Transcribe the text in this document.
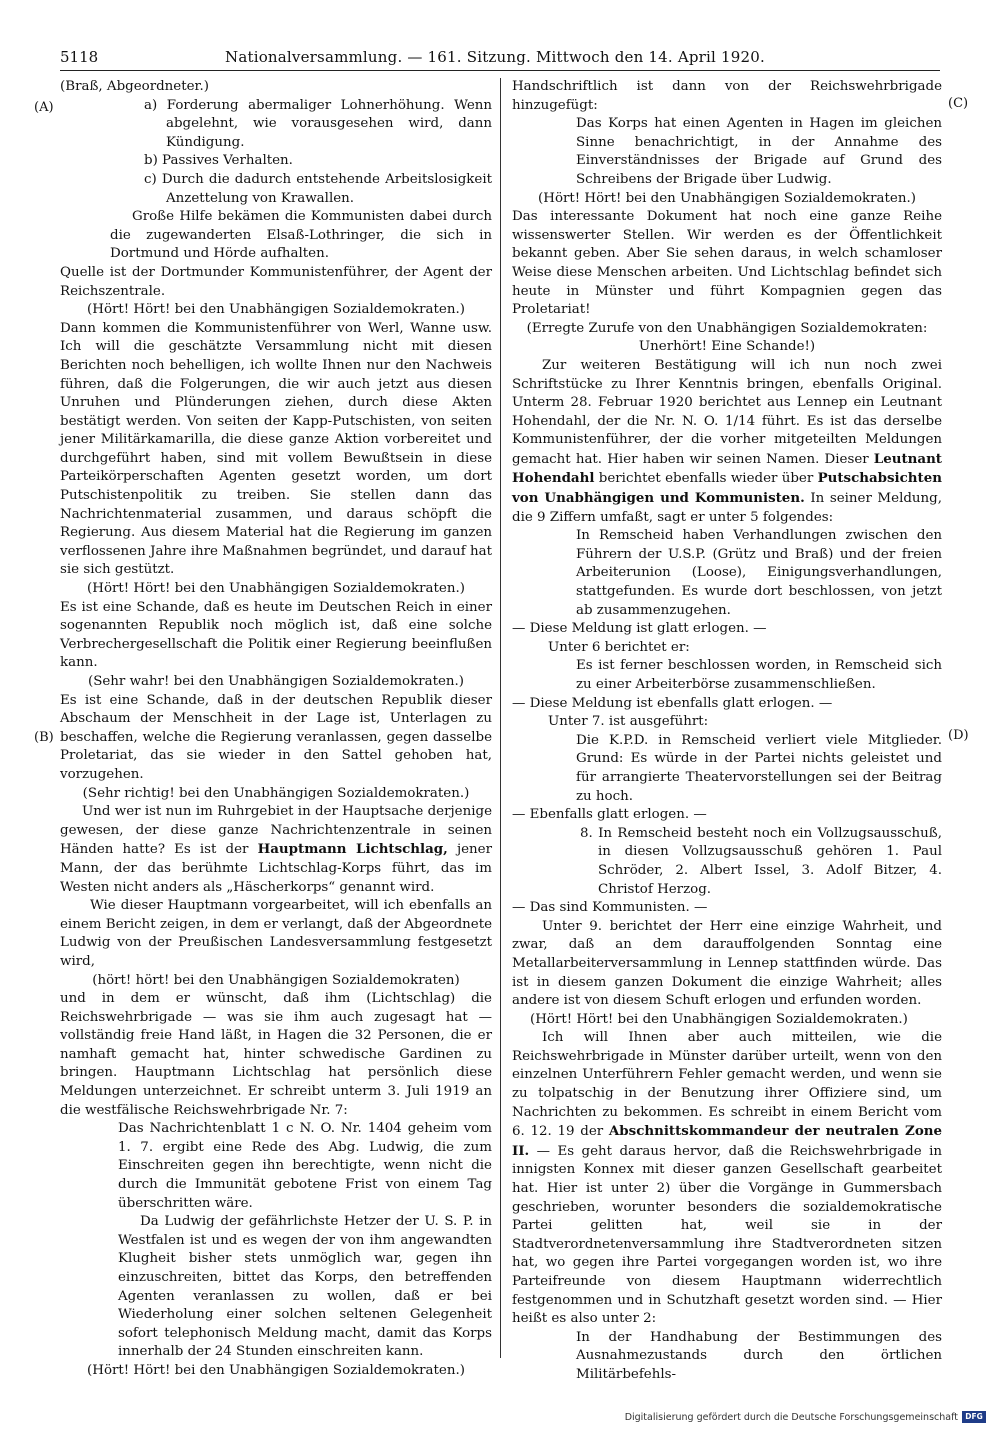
5118	Nationalversammlung. — 161. Sitzung. Mittwoch den 14. April 1920.
(A)
(B)
(C)
(D)

(Braß, Abgeordneter.)

a) Forderung abermaliger Lohnerhöhung. Wenn abgelehnt, wie vorausgesehen wird, dann Kündigung.

b) Passives Verhalten.

c) Durch die dadurch entstehende Arbeitslosigkeit Anzettelung von Krawallen.

Große Hilfe bekämen die Kommunisten dabei durch die zugewanderten Elsaß-Lothringer, die sich in Dortmund und Hörde aufhalten.

Quelle ist der Dortmunder Kommunistenführer, der Agent der Reichszentrale.

(Hört! Hört! bei den Unabhängigen Sozialdemokraten.)

Dann kommen die Kommunistenführer von Werl, Wanne usw. Ich will die geschätzte Versammlung nicht mit diesen Berichten noch behelligen, ich wollte Ihnen nur den Nachweis führen, daß die Folgerungen, die wir auch jetzt aus diesen Unruhen und Plünderungen ziehen, durch diese Akten bestätigt werden. Von seiten der Kapp-Putschisten, von seiten jener Militärkamarilla, die diese ganze Aktion vorbereitet und durchgeführt haben, sind mit vollem Bewußtsein in diese Parteikörperschaften Agenten gesetzt worden, um dort Putschistenpolitik zu treiben. Sie stellen dann das Nachrichtenmaterial zusammen, und daraus schöpft die Regierung. Aus diesem Material hat die Regierung im ganzen verflossenen Jahre ihre Maßnahmen begründet, und darauf hat sie sich gestützt.

(Hört! Hört! bei den Unabhängigen Sozialdemokraten.)

Es ist eine Schande, daß es heute im Deutschen Reich in einer sogenannten Republik noch möglich ist, daß eine solche Verbrechergesellschaft die Politik einer Regierung beeinflußen kann.

(Sehr wahr! bei den Unabhängigen Sozialdemokraten.)

Es ist eine Schande, daß in der deutschen Republik dieser Abschaum der Menschheit in der Lage ist, Unterlagen zu beschaffen, welche die Regierung veranlassen, gegen dasselbe Proletariat, das sie wieder in den Sattel gehoben hat, vorzugehen.

(Sehr richtig! bei den Unabhängigen Sozialdemokraten.)

Und wer ist nun im Ruhrgebiet in der Hauptsache derjenige gewesen, der diese ganze Nachrichtenzentrale in seinen Händen hatte? Es ist der Hauptmann Lichtschlag, jener Mann, der das berühmte Lichtschlag-Korps führt, das im Westen nicht anders als „Häscherkorps“ genannt wird.

Wie dieser Hauptmann vorgearbeitet, will ich ebenfalls an einem Bericht zeigen, in dem er verlangt, daß der Abgeordnete Ludwig von der Preußischen Landesversammlung festgesetzt wird,

(hört! hört! bei den Unabhängigen Sozialdemokraten)

und in dem er wünscht, daß ihm (Lichtschlag) die Reichswehrbrigade — was sie ihm auch zugesagt hat — vollständig freie Hand läßt, in Hagen die 32 Personen, die er namhaft gemacht hat, hinter schwedische Gardinen zu bringen. Hauptmann Lichtschlag hat persönlich diese Meldungen unterzeichnet. Er schreibt unterm 3. Juli 1919 an die westfälische Reichswehrbrigade Nr. 7:

Das Nachrichtenblatt 1 c N. O. Nr. 1404 geheim vom 1. 7. ergibt eine Rede des Abg. Ludwig, die zum Einschreiten gegen ihn berechtigte, wenn nicht die durch die Immunität gebotene Frist von einem Tag überschritten wäre.

Da Ludwig der gefährlichste Hetzer der U. S. P. in Westfalen ist und es wegen der von ihm angewandten Klugheit bisher stets unmöglich war, gegen ihn einzuschreiten, bittet das Korps, den betreffenden Agenten veranlassen zu wollen, daß er bei Wiederholung einer solchen seltenen Gelegenheit sofort telephonisch Meldung macht, damit das Korps innerhalb der 24 Stunden einschreiten kann.

(Hört! Hört! bei den Unabhängigen Sozialdemokraten.)

Handschriftlich ist dann von der Reichswehrbrigade hinzugefügt:

Das Korps hat einen Agenten in Hagen im gleichen Sinne benachrichtigt, in der Annahme des Einverständnisses der Brigade auf Grund des Schreibens der Brigade über Ludwig.

(Hört! Hört! bei den Unabhängigen Sozialdemokraten.)

Das interessante Dokument hat noch eine ganze Reihe wissenswerter Stellen. Wir werden es der Öffentlichkeit bekannt geben. Aber Sie sehen daraus, in welch schamloser Weise diese Menschen arbeiten. Und Lichtschlag befindet sich heute in Münster und führt Kompagnien gegen das Proletariat!

(Erregte Zurufe von den Unabhängigen Sozialdemokraten: Unerhört! Eine Schande!)

Zur weiteren Bestätigung will ich nun noch zwei Schriftstücke zu Ihrer Kenntnis bringen, ebenfalls Original. Unterm 28. Februar 1920 berichtet aus Lennep ein Leutnant Hohendahl, der die Nr. N. O. 1/14 führt. Es ist das derselbe Kommunistenführer, der die vorher mitgeteilten Meldungen gemacht hat. Hier haben wir seinen Namen. Dieser Leutnant Hohendahl berichtet ebenfalls wieder über Putschabsichten von Unabhängigen und Kommunisten. In seiner Meldung, die 9 Ziffern umfaßt, sagt er unter 5 folgendes:

In Remscheid haben Verhandlungen zwischen den Führern der U.S.P. (Grütz und Braß) und der freien Arbeiterunion (Loose), Einigungsverhandlungen, stattgefunden. Es wurde dort beschlossen, von jetzt ab zusammenzugehen.

— Diese Meldung ist glatt erlogen. —

Unter 6 berichtet er:

Es ist ferner beschlossen worden, in Remscheid sich zu einer Arbeiterbörse zusammenschließen.

— Diese Meldung ist ebenfalls glatt erlogen. —

Unter 7. ist ausgeführt:

Die K.P.D. in Remscheid verliert viele Mitglieder. Grund: Es würde in der Partei nichts geleistet und für arrangierte Theatervorstellungen sei der Beitrag zu hoch.

— Ebenfalls glatt erlogen. —

8. In Remscheid besteht noch ein Vollzugsausschuß, in diesen Vollzugsausschuß gehören 1. Paul Schröder, 2. Albert Issel, 3. Adolf Bitzer, 4. Christof Herzog.

— Das sind Kommunisten. —

Unter 9. berichtet der Herr eine einzige Wahrheit, und zwar, daß an dem darauffolgenden Sonntag eine Metallarbeiterversammlung in Lennep stattfinden würde. Das ist in diesem ganzen Dokument die einzige Wahrheit; alles andere ist von diesem Schuft erlogen und erfunden worden.

(Hört! Hört! bei den Unabhängigen Sozialdemokraten.)

Ich will Ihnen aber auch mitteilen, wie die Reichswehrbrigade in Münster darüber urteilt, wenn von den einzelnen Unterführern Fehler gemacht werden, und wenn sie zu tolpatschig in der Benutzung ihrer Offiziere sind, um Nachrichten zu bekommen. Es schreibt in einem Bericht vom 6. 12. 19 der Abschnittskommandeur der neutralen Zone II. — Es geht daraus hervor, daß die Reichswehrbrigade in innigsten Konnex mit dieser ganzen Gesellschaft gearbeitet hat. Hier ist unter 2) über die Vorgänge in Gummersbach geschrieben, worunter besonders die sozialdemokratische Partei gelitten hat, weil sie in der Stadtverordnetenversammlung ihre Stadtverordneten sitzen hat, wo gegen ihre Partei vorgegangen worden ist, wo ihre Parteifreunde von diesem Hauptmann widerrechtlich festgenommen und in Schutzhaft gesetzt worden sind. — Hier heißt es also unter 2:

In der Handhabung der Bestimmungen des Ausnahmezustands durch den örtlichen Militärbefehls-

Digitalisierung gefördert durch die Deutsche Forschungsgemeinschaft DFG
